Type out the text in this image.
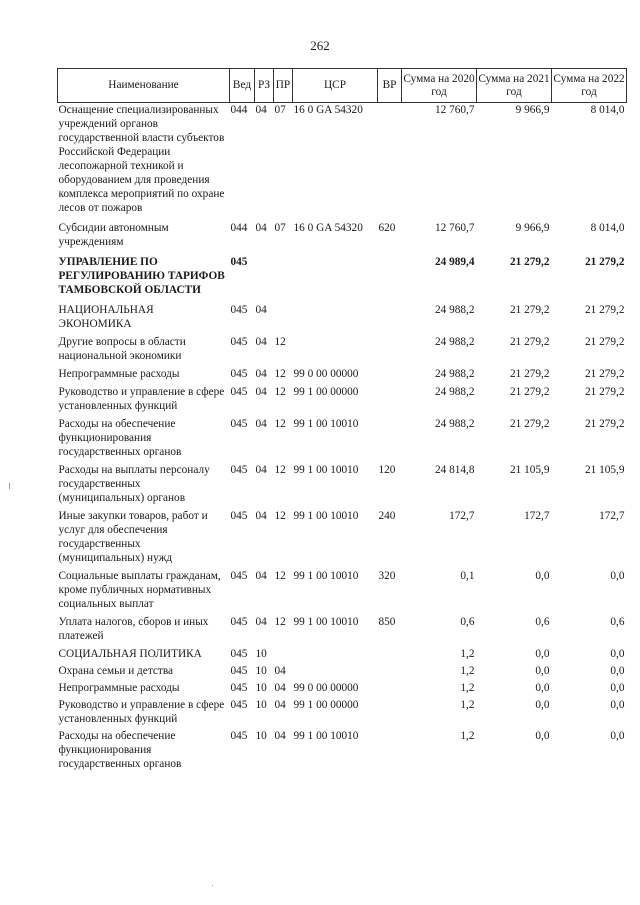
262
Наименование	Вед	РЗ	ПР	ЦСР	ВР	Сумма на 2020 год	Сумма на 2021 год	Сумма на 2022 год
Оснащение специализированных учреждений органов государственной власти субъектов Российской Федерации лесопожарной техникой и оборудованием для проведения комплекса мероприятий по охране лесов от пожаров	044	04	07	16 0 GA 54320		12 760,7	9 966,9	8 014,0
Субсидии автономным учреждениям	044	04	07	16 0 GA 54320	620	12 760,7	9 966,9	8 014,0
УПРАВЛЕНИЕ ПО РЕГУЛИРОВАНИЮ ТАРИФОВ ТАМБОВСКОЙ ОБЛАСТИ	045					24 989,4	21 279,2	21 279,2
НАЦИОНАЛЬНАЯ ЭКОНОМИКА	045	04				24 988,2	21 279,2	21 279,2
Другие вопросы в области национальной экономики	045	04	12			24 988,2	21 279,2	21 279,2
Непрограммные расходы	045	04	12	99 0 00 00000		24 988,2	21 279,2	21 279,2
Руководство и управление в сфере установленных функций	045	04	12	99 1 00 00000		24 988,2	21 279,2	21 279,2
Расходы на обеспечение функционирования государственных органов	045	04	12	99 1 00 10010		24 988,2	21 279,2	21 279,2
Расходы на выплаты персоналу государственных (муниципальных) органов	045	04	12	99 1 00 10010	120	24 814,8	21 105,9	21 105,9
Иные закупки товаров, работ и услуг для обеспечения государственных (муниципальных) нужд	045	04	12	99 1 00 10010	240	172,7	172,7	172,7
Социальные выплаты гражданам, кроме публичных нормативных социальных выплат	045	04	12	99 1 00 10010	320	0,1	0,0	0,0
Уплата налогов, сборов и иных платежей	045	04	12	99 1 00 10010	850	0,6	0,6	0,6
СОЦИАЛЬНАЯ ПОЛИТИКА	045	10				1,2	0,0	0,0
Охрана семьи и детства	045	10	04			1,2	0,0	0,0
Непрограммные расходы	045	10	04	99 0 00 00000		1,2	0,0	0,0
Руководство и управление в сфере установленных функций	045	10	04	99 1 00 00000		1,2	0,0	0,0
Расходы на обеспечение функционирования государственных органов	045	10	04	99 1 00 10010		1,2	0,0	0,0
